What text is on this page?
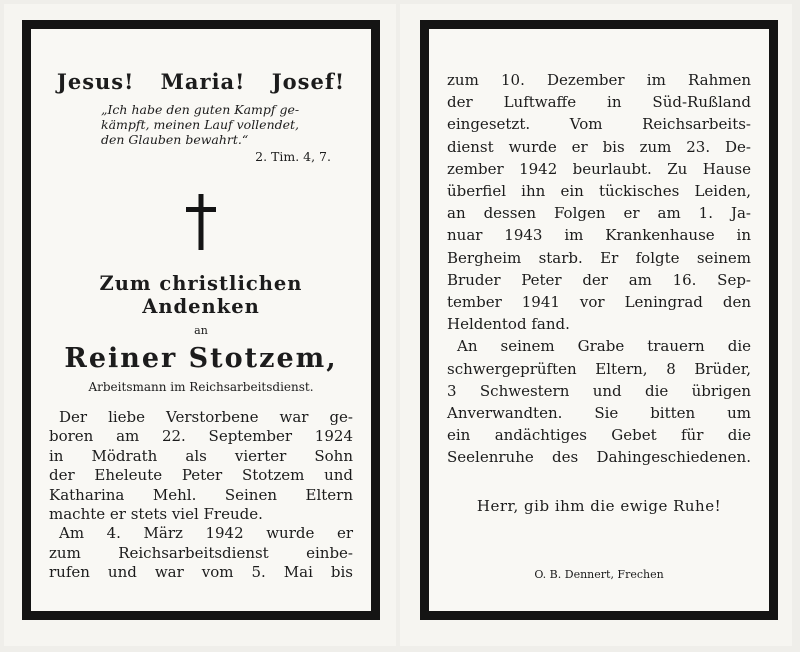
Jesus! Maria! Josef!
„Ich habe den guten Kampf ge-
kämpft, meinen Lauf vollendet,
den Glauben bewahrt.“
2. Tim. 4, 7.
Zum christlichen Andenken
an
Reiner Stotzem,
Arbeitsmann im Reichsarbeitsdienst.
Der liebe Verstorbene war ge-
boren am 22. September 1924
in Mödrath als vierter Sohn
der Eheleute Peter Stotzem und
Katharina Mehl. Seinen Eltern
machte er stets viel Freude.
Am 4. März 1942 wurde er
zum Reichsarbeitsdienst einbe-
rufen und war vom 5. Mai bis
zum 10. Dezember im Rahmen
der Luftwaffe in Süd-Rußland
eingesetzt. Vom Reichsarbeits-
dienst wurde er bis zum 23. De-
zember 1942 beurlaubt. Zu Hause
überfiel ihn ein tückisches Leiden,
an dessen Folgen er am 1. Ja-
nuar 1943 im Krankenhause in
Bergheim starb. Er folgte seinem
Bruder Peter der am 16. Sep-
tember 1941 vor Leningrad den
Heldentod fand.
An seinem Grabe trauern die
schwergeprüften Eltern, 8 Brüder,
3 Schwestern und die übrigen
Anverwandten. Sie bitten um
ein andächtiges Gebet für die
Seelenruhe des Dahingeschiedenen.
Herr, gib ihm die ewige Ruhe!
O. B. Dennert, Frechen
